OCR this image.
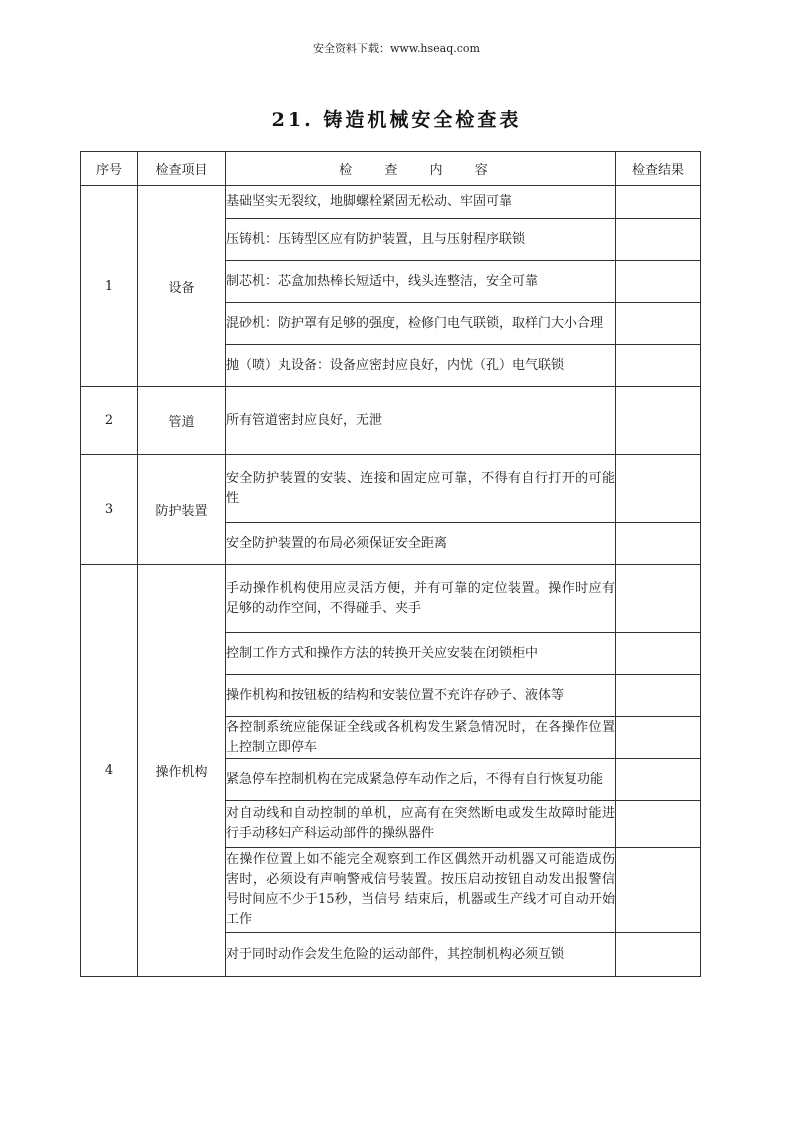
安全资料下载：www.hseaq.com
21. 铸造机械安全检查表
序号	检查项目	检 查 内 容	检查结果
1	设备	基础坚实无裂纹，地脚螺栓紧固无松动、牢固可靠	
		压铸机：压铸型区应有防护装置，且与压射程序联锁	
		制芯机：芯盒加热棒长短适中，线头连整洁，安全可靠	
		混砂机：防护罩有足够的强度，检修门电气联锁，取样门大小合理	
		抛（喷）丸设备：设备应密封应良好，内忧（孔）电气联锁	
2	管道	所有管道密封应良好，无泄	
3	防护装置	安全防护装置的安装、连接和固定应可靠，不得有自行打开的可能性	
		安全防护装置的布局必须保证安全距离	
4	操作机构	手动操作机构使用应灵活方便，并有可靠的定位装置。操作时应有足够的动作空间，不得碰手、夹手	
		控制工作方式和操作方法的转换开关应安装在闭锁柜中	
		操作机构和按钮板的结构和安装位置不充许存砂子、液体等	
		各控制系统应能保证全线或各机构发生紧急情况时，在各操作位置上控制立即停车	
		紧急停车控制机构在完成紧急停车动作之后，不得有自行恢复功能	
		对自动线和自动控制的单机，应高有在突然断电或发生故障时能进行手动移妇产科运动部件的操纵器件	
		在操作位置上如不能完全观察到工作区偶然开动机器又可能造成伤害时，必须设有声响警戒信号装置。按压启动按钮自动发出报警信号时间应不少于15秒，当信号 结束后，机器或生产线才可自动开始工作	
		对于同时动作会发生危险的运动部件，其控制机构必须互锁	
